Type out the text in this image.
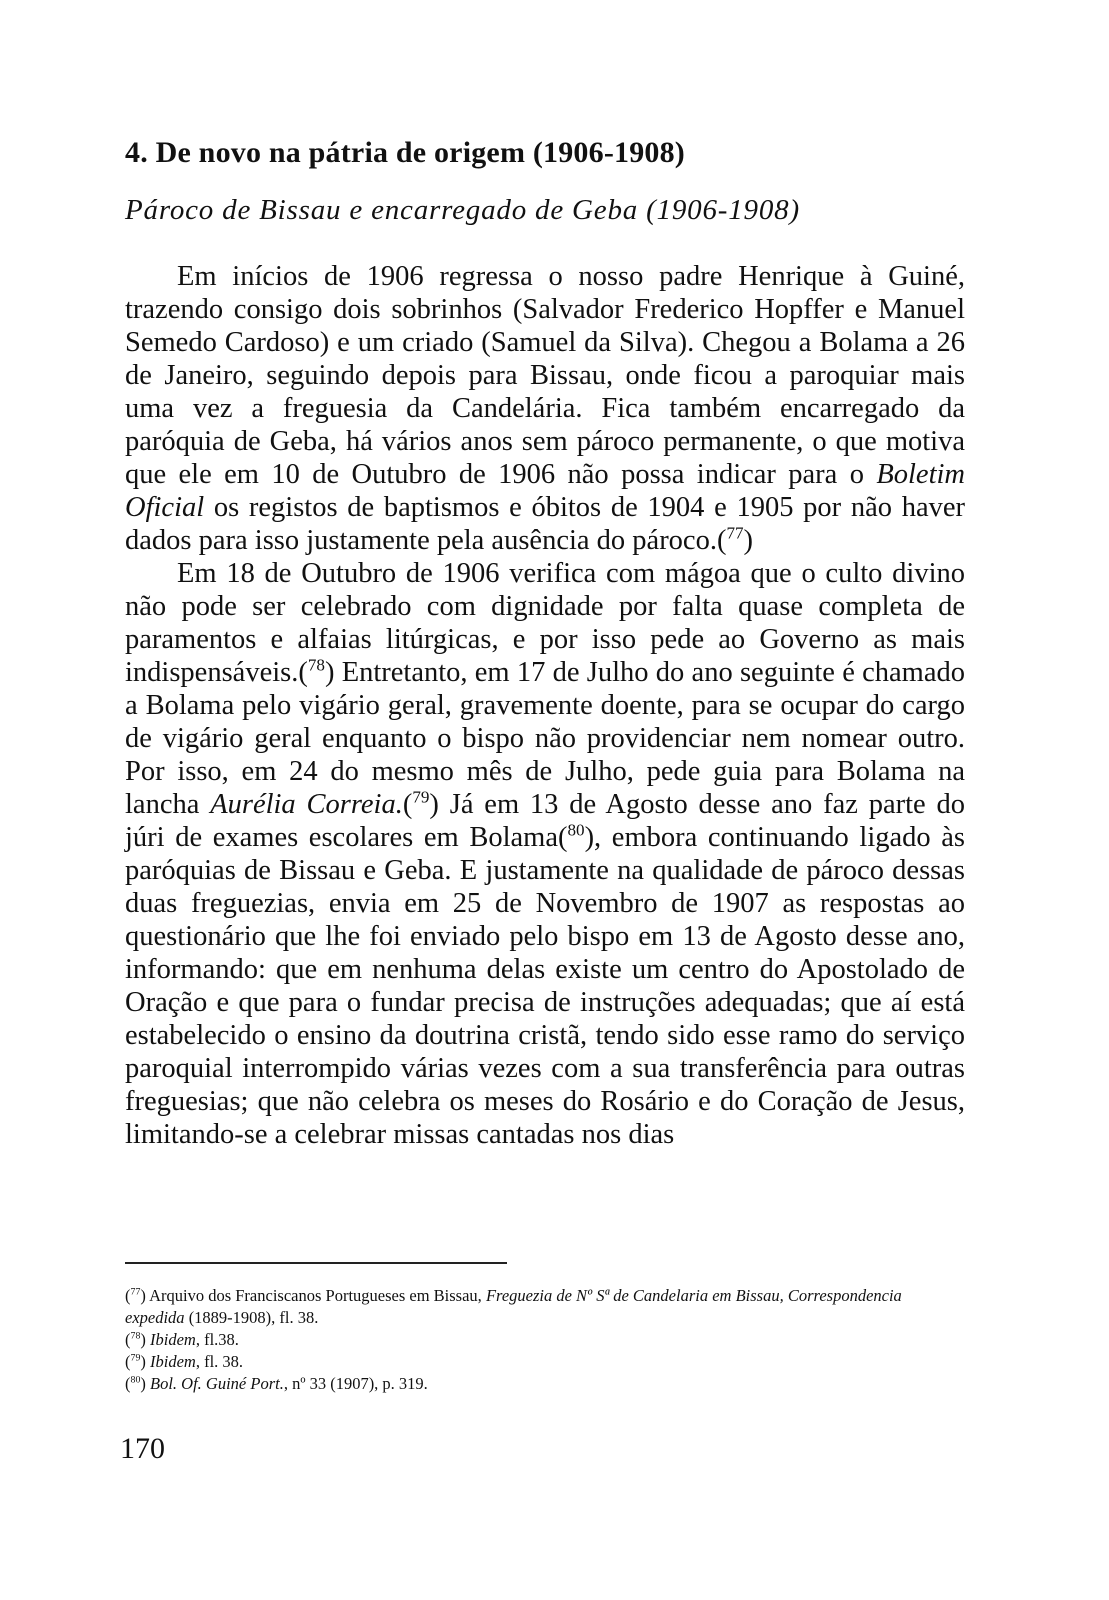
4. De novo na pátria de origem (1906-1908)
Pároco de Bissau e encarregado de Geba (1906-1908)

Em inícios de 1906 regressa o nosso padre Henrique à Guiné, trazendo consigo dois sobrinhos (Salvador Frederico Hopffer e Manuel Semedo Cardoso) e um criado (Samuel da Silva). Chegou a Bolama a 26 de Janeiro, seguindo depois para Bissau, onde ficou a paroquiar mais uma vez a freguesia da Candelária. Fica também encarregado da paróquia de Geba, há vários anos sem pároco permanente, o que motiva que ele em 10 de Outubro de 1906 não possa indicar para o Boletim Oficial os registos de baptismos e óbitos de 1904 e 1905 por não haver dados para isso justamente pela ausência do pároco.($^{77}$)

Em 18 de Outubro de 1906 verifica com mágoa que o culto divino não pode ser celebrado com dignidade por falta quase completa de paramentos e alfaias litúrgicas, e por isso pede ao Governo as mais indispensáveis.($^{78}$) Entretanto, em 17 de Julho do ano seguinte é chamado a Bolama pelo vigário geral, gravemente doente, para se ocupar do cargo de vigário geral enquanto o bispo não providenciar nem nomear outro. Por isso, em 24 do mesmo mês de Julho, pede guia para Bolama na lancha Aurélia Correia.($^{79}$) Já em 13 de Agosto desse ano faz parte do júri de exames escolares em Bolama($^{80}$), embora continuando ligado às paróquias de Bissau e Geba. E justamente na qualidade de pároco dessas duas freguezias, envia em 25 de Novembro de 1907 as respostas ao questionário que lhe foi enviado pelo bispo em 13 de Agosto desse ano, informando: que em nenhuma delas existe um centro do Apostolado de Oração e que para o fundar precisa de instruções adequadas; que aí está estabelecido o ensino da doutrina cristã, tendo sido esse ramo do serviço paroquial interrompido várias vezes com a sua transferência para outras freguesias; que não celebra os meses do Rosário e do Coração de Jesus, limitando-se a celebrar missas cantadas nos dias

($^{77}$) Arquivo dos Franciscanos Portugueses em Bissau, Freguezia de Nº Sª de Candelaria em Bissau, Correspondencia expedida (1889-1908), fl. 38.
($^{78}$) Ibidem, fl.38.
($^{79}$) Ibidem, fl. 38.
($^{80}$) Bol. Of. Guiné Port., nº 33 (1907), p. 319.
170
